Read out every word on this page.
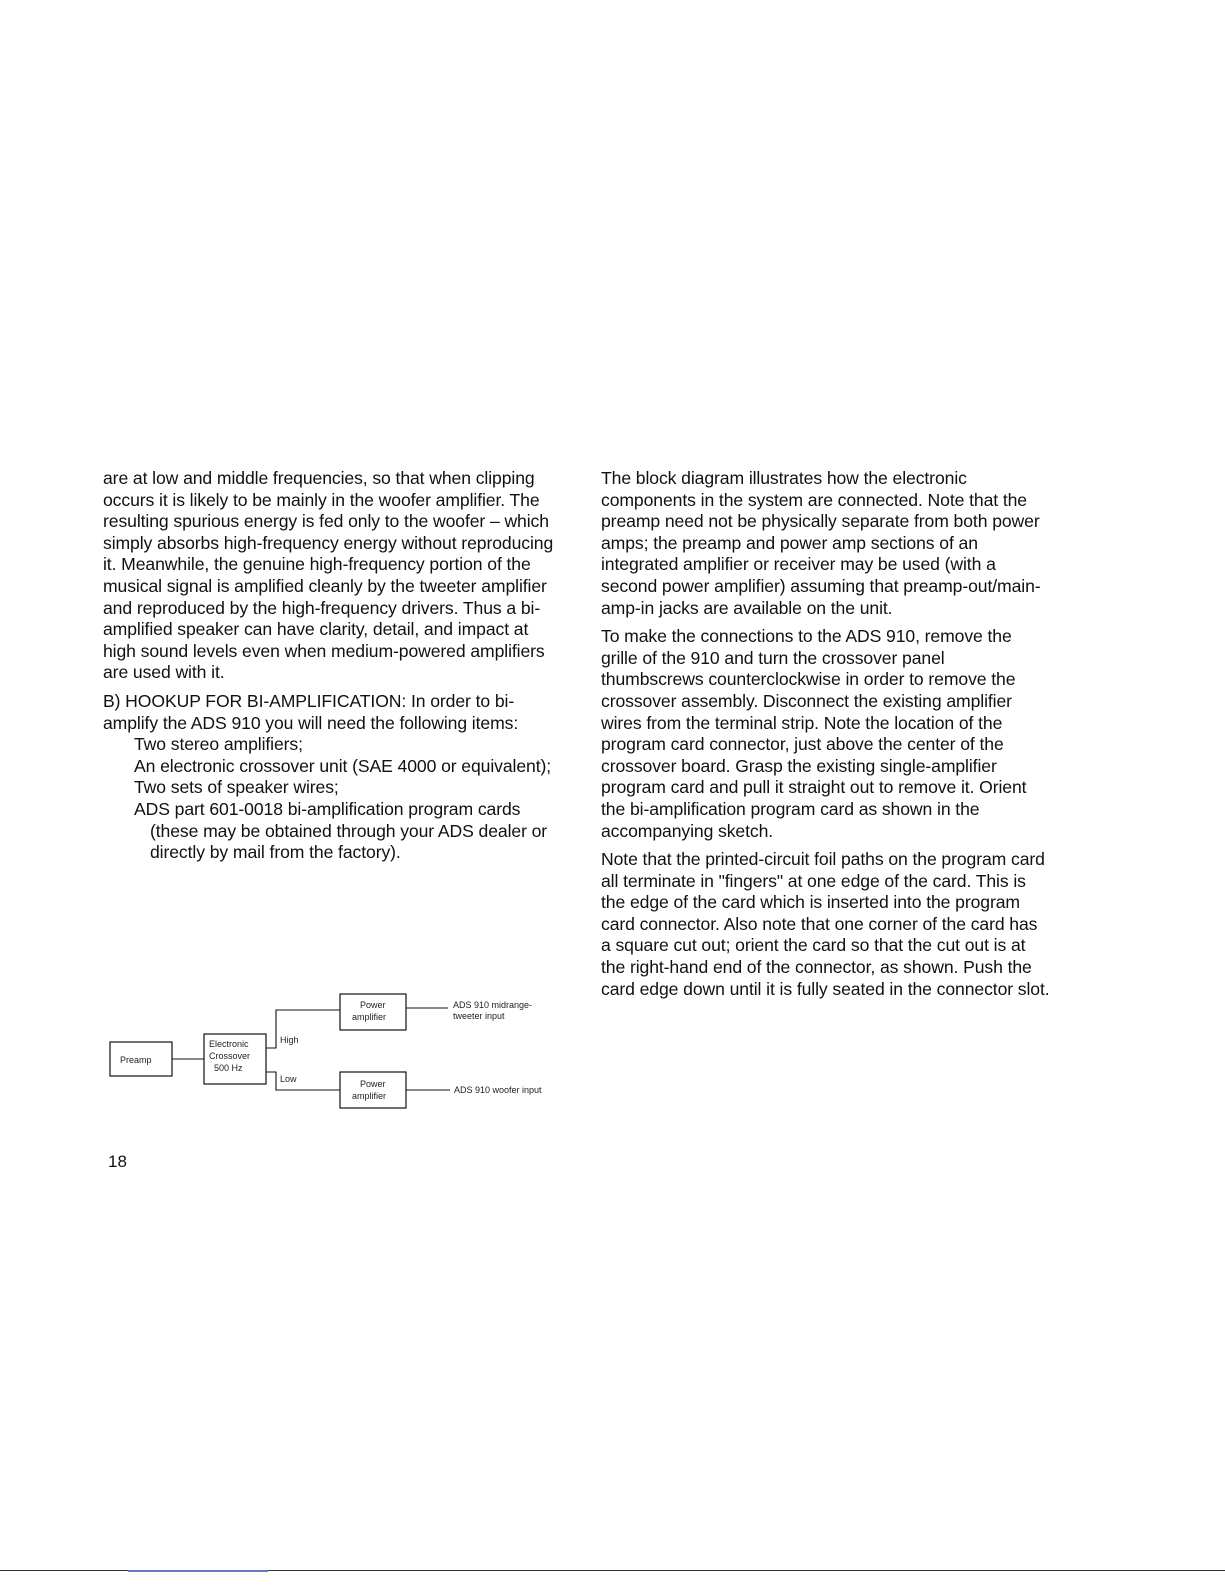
are at low and middle frequencies, so that when clipping occurs it is likely to be mainly in the woofer amplifier. The resulting spurious energy is fed only to the woofer – which simply absorbs high-frequency energy without reproducing it. Meanwhile, the genuine high-frequency portion of the musical signal is amplified cleanly by the tweeter amplifier and reproduced by the high-frequency drivers. Thus a bi-amplified speaker can have clarity, detail, and impact at high sound levels even when medium-powered amplifiers are used with it.

B) HOOKUP FOR BI-AMPLIFICATION: In order to bi-amplify the ADS 910 you will need the following items:

Two stereo amplifiers;
An electronic crossover unit (SAE 4000 or equivalent);
Two sets of speaker wires;
ADS part 601-0018 bi-amplification program cards (these may be obtained through your ADS dealer or directly by mail from the factory).
Preamp
Electronic
Crossover
500 Hz
High
Low
Power
amplifier
ADS 910 midrange-
tweeter input
Power
amplifier
ADS 910 woofer input

The block diagram illustrates how the electronic components in the system are connected. Note that the preamp need not be physically separate from both power amps; the preamp and power amp sections of an integrated amplifier or receiver may be used (with a second power amplifier) assuming that preamp-out/main-amp-in jacks are available on the unit.

To make the connections to the ADS 910, remove the grille of the 910 and turn the crossover panel thumbscrews counterclockwise in order to remove the crossover assembly. Disconnect the existing amplifier wires from the terminal strip. Note the location of the program card connector, just above the center of the crossover board. Grasp the existing single-amplifier program card and pull it straight out to remove it. Orient the bi-amplification program card as shown in the accompanying sketch.

Note that the printed-circuit foil paths on the program card all terminate in "fingers" at one edge of the card. This is the edge of the card which is inserted into the program card connector. Also note that one corner of the card has a square cut out; orient the card so that the cut out is at the right-hand end of the connector, as shown. Push the card edge down until it is fully seated in the connector slot.

18
